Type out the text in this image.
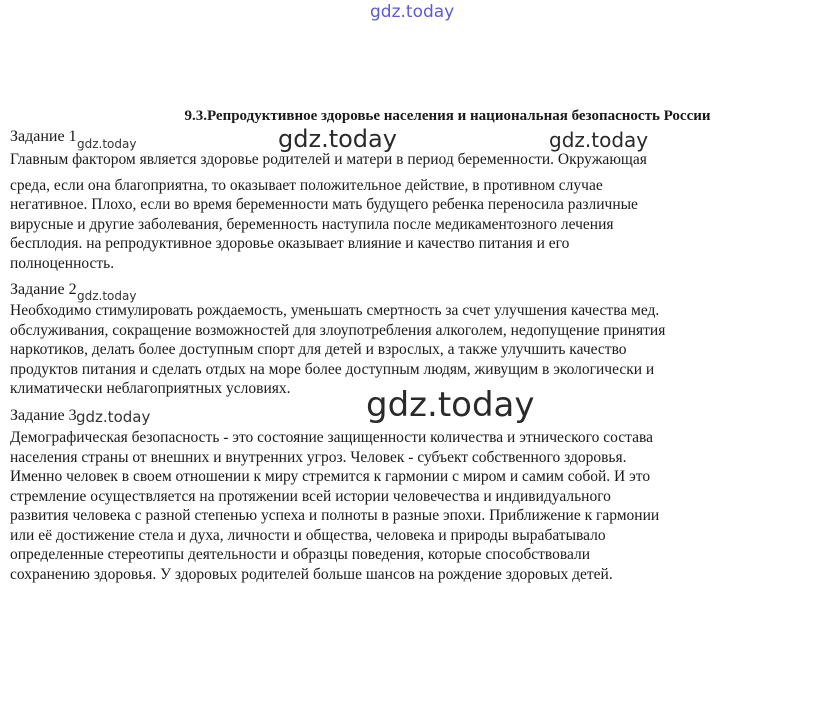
gdz.today
9.3.Репродуктивное здоровье населения и национальная безопасность России
Задание 1 gdz.today	gdz.today	gdz.today
Главным фактором является здоровье родителей и матери в период беременности. Окружающая
среда, если она благоприятна, то оказывает положительное действие, в противном случае
негативное. Плохо, если во время беременности мать будущего ребенка переносила различные
вирусные и другие заболевания, беременность наступила после медикаментозного лечения
бесплодия. на репродуктивное здоровье оказывает влияние и качество питания и его
полноценность.
Задание 2 gdz.today
Необходимо стимулировать рождаемость, уменьшать смертность за счет улучшения качества мед.
обслуживания, сокращение возможностей для злоупотребления алкоголем, недопущение принятия
наркотиков, делать более доступным спорт для детей и взрослых, а также улучшить качество
продуктов питания и сделать отдых на море более доступным людям, живущим в экологически и
климатически неблагоприятных условиях.	gdz.today
Задание 3 gdz.today
Демографическая безопасность - это состояние защищенности количества и этнического состава
населения страны от внешних и внутренних угроз. Человек - субъект собственного здоровья.
Именно человек в своем отношении к миру стремится к гармонии с миром и самим собой. И это
стремление осуществляется на протяжении всей истории человечества и индивидуального
развития человека с разной степенью успеха и полноты в разные эпохи. Приближение к гармонии
или её достижение стела и духа, личности и общества, человека и природы вырабатывало
определенные стереотипы деятельности и образцы поведения, которые способствовали
сохранению здоровья. У здоровых родителей больше шансов на рождение здоровых детей.
